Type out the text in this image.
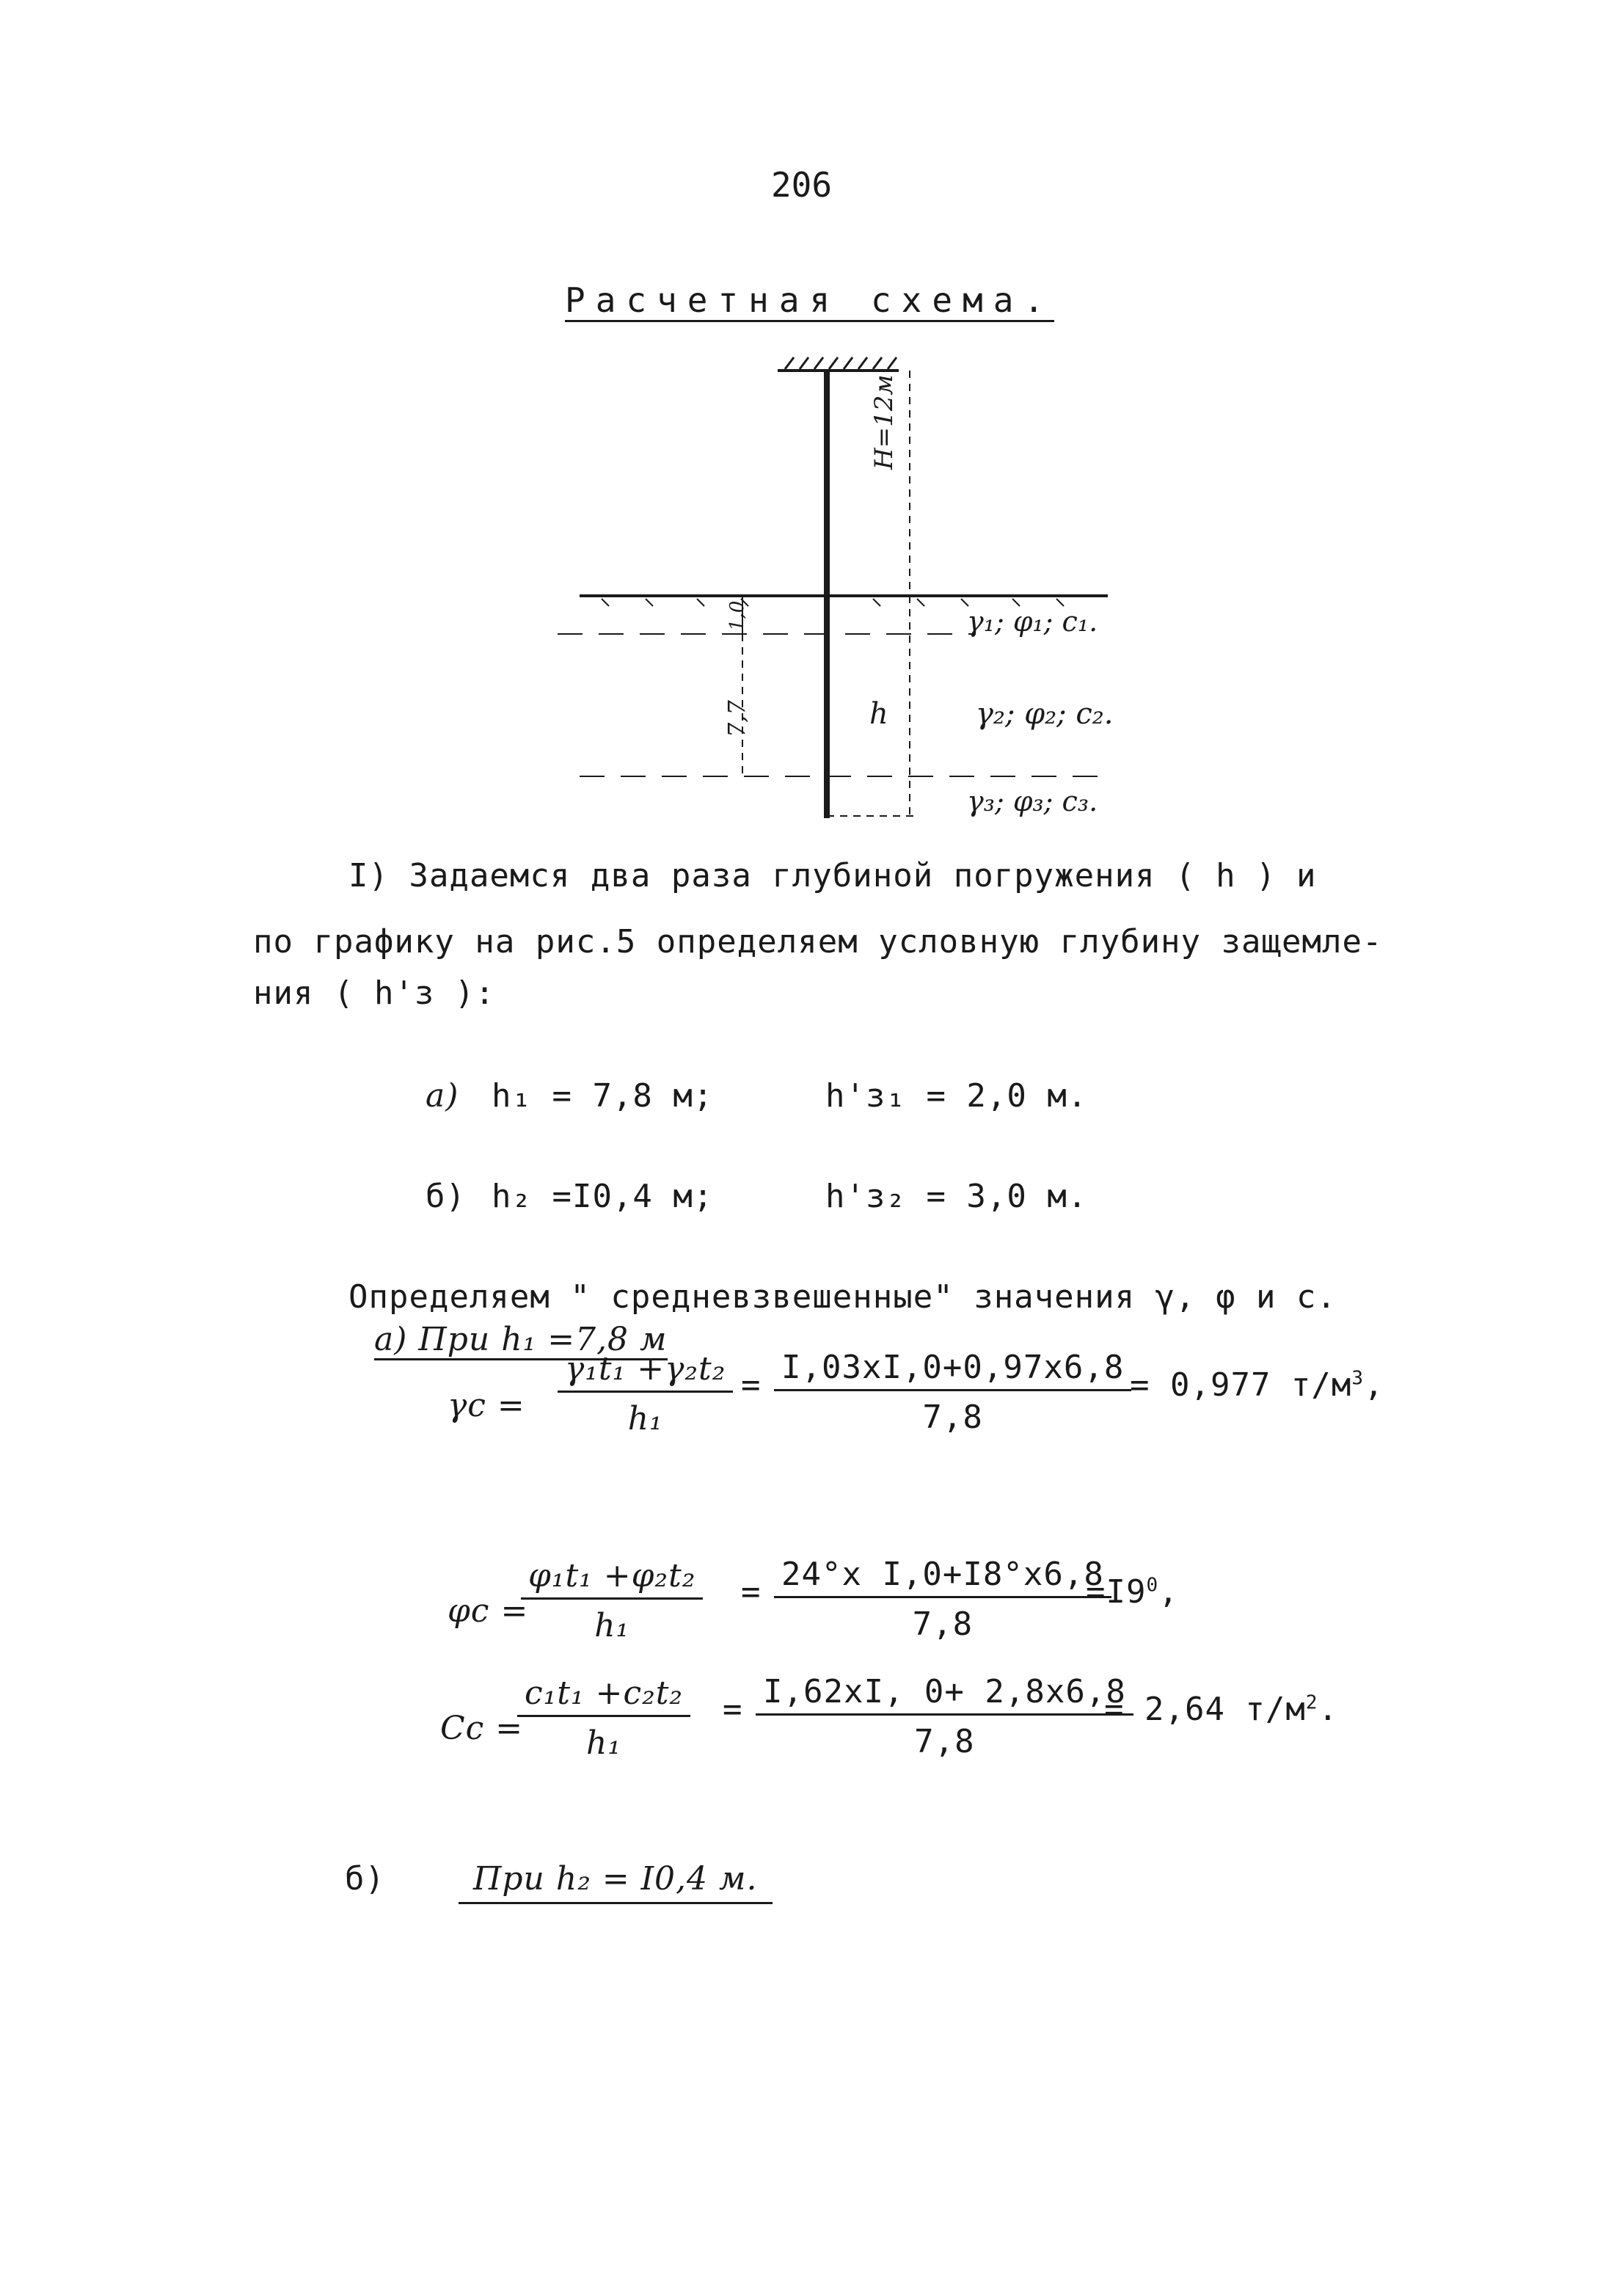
206
Расчетная схема.
H=12м
1,0
7,7	h
γ₁; φ₁; c₁.
γ₂; φ₂; c₂.
γ₃; φ₃; c₃.
I) Задаемся два раза глубиной погружения ( h ) и
по графику на рис.5 определяем условную глубину защемле-
ния ( h'з ):
а) h₁ = 7,8 м;	h'з₁ = 2,0 м.
б) h₂ =I0,4 м;	h'з₂ = 3,0 м.
Определяем " средневзвешенные" значения γ, φ и с.
а) При h₁ =7,8 м
$\gamma c = \frac{\text{γ₁t₁ +γ₂t₂}}{\text{h₁}} = \frac{I,03xI,0+0,97x6,8}{7,8}$
= 0,977 $т/м^3$,
φc =
$\frac{\text{φ₁t₁ +φ₂t₂}}{\text{h₁}} = \frac{\text{24°x I,0+I8°x6,8}}{7,8}$
$=I9^0$,
Cc =
$\frac{\text{c₁t₁ +c₂t₂}}{\text{h₁}} = \frac{I,62xI, 0+ 2,8x6,8}{7,8}$
= 2,64 $т/м^2$.
б)	При h₂ = I0,4 м.
